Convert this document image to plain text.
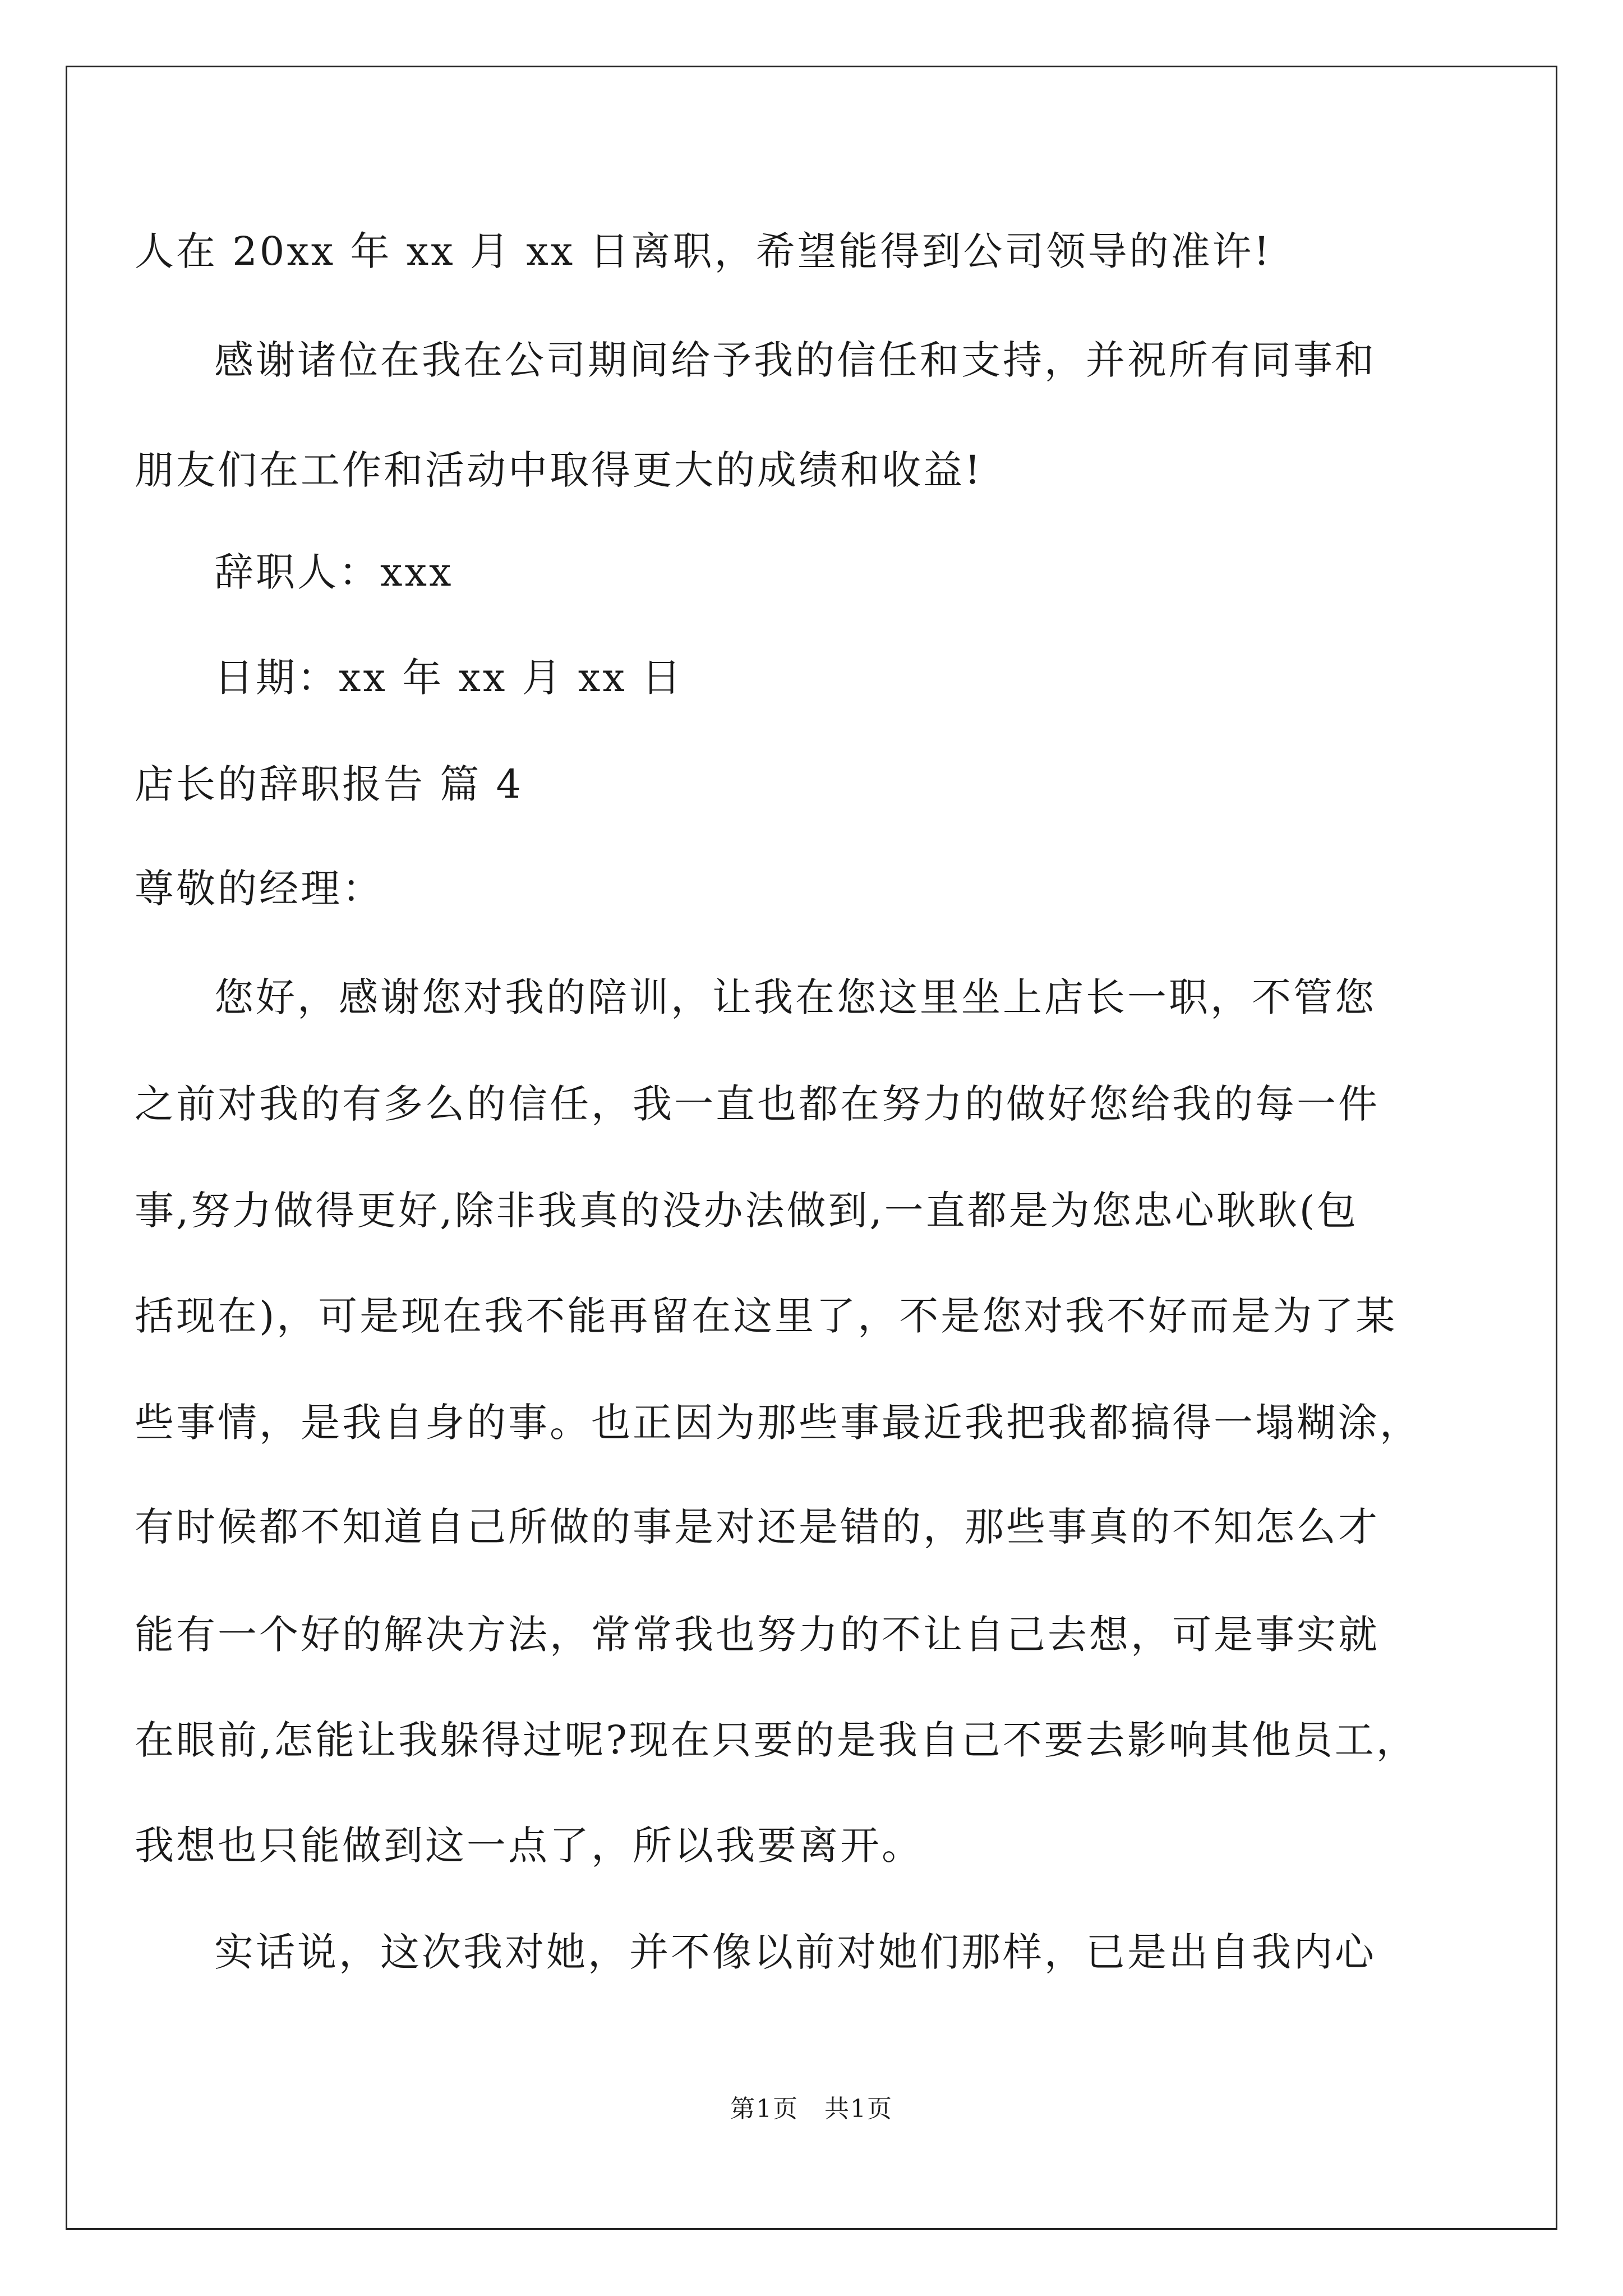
人在 20xx 年 xx 月 xx 日离职，希望能得到公司领导的准许!
感谢诸位在我在公司期间给予我的信任和支持，并祝所有同事和
朋友们在工作和活动中取得更大的成绩和收益!
辞职人：xxx
日期：xx 年 xx 月 xx 日
店长的辞职报告 篇 4
尊敬的经理：
您好，感谢您对我的陪训，让我在您这里坐上店长一职，不管您
之前对我的有多么的信任，我一直也都在努力的做好您给我的每一件
事,努力做得更好,除非我真的没办法做到,一直都是为您忠心耿耿(包
括现在)，可是现在我不能再留在这里了，不是您对我不好而是为了某
些事情，是我自身的事。也正因为那些事最近我把我都搞得一塌糊涂，
有时候都不知道自己所做的事是对还是错的，那些事真的不知怎么才
能有一个好的解决方法，常常我也努力的不让自己去想，可是事实就
在眼前,怎能让我躲得过呢?现在只要的是我自己不要去影响其他员工，
我想也只能做到这一点了，所以我要离开。
实话说，这次我对她，并不像以前对她们那样，已是出自我内心
第1页　共1页
